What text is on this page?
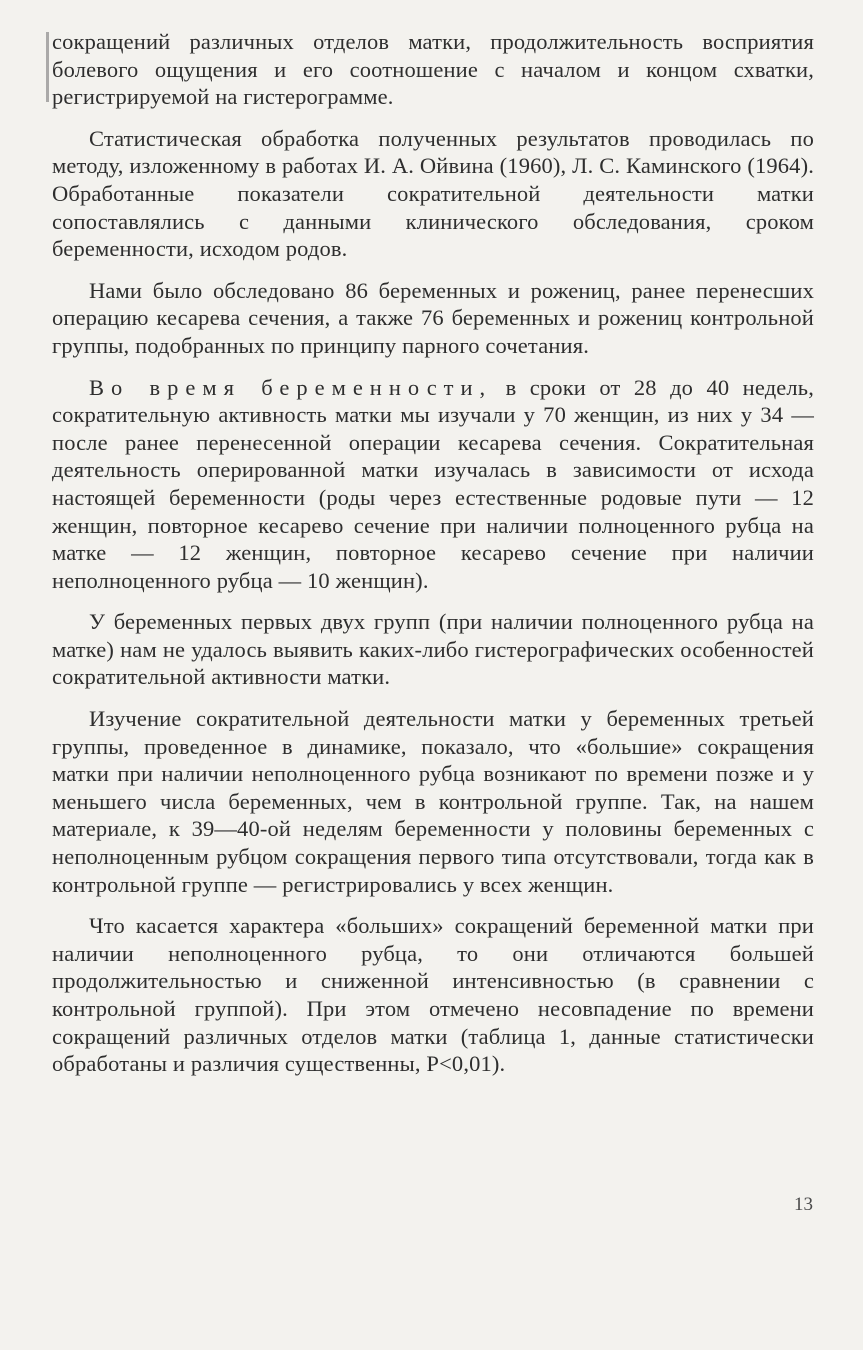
сокращений различных отделов матки, продолжительность восприятия болевого ощущения и его соотношение с началом и концом схватки, регистрируемой на гистерограмме.

Статистическая обработка полученных результатов проводилась по методу, изложенному в работах И. А. Ойвина (1960), Л. С. Каминского (1964). Обработанные показатели сократительной деятельности матки сопоставлялись с данными клинического обследования, сроком беременности, исходом родов.

Нами было обследовано 86 беременных и рожениц, ранее перенесших операцию кесарева сечения, а также 76 беременных и рожениц контрольной группы, подобранных по принципу парного сочетания.

Во время беременности, в сроки от 28 до 40 недель, сократительную активность матки мы изучали у 70 женщин, из них у 34 — после ранее перенесенной операции кесарева сечения. Сократительная деятельность оперированной матки изучалась в зависимости от исхода настоящей беременности (роды через естественные родовые пути — 12 женщин, повторное кесарево сечение при наличии полноценного рубца на матке — 12 женщин, повторное кесарево сечение при наличии неполноценного рубца — 10 женщин).

У беременных первых двух групп (при наличии полноценного рубца на матке) нам не удалось выявить каких-либо гистерографических особенностей сократительной активности матки.

Изучение сократительной деятельности матки у беременных третьей группы, проведенное в динамике, показало, что «большие» сокращения матки при наличии неполноценного рубца возникают по времени позже и у меньшего числа беременных, чем в контрольной группе. Так, на нашем материале, к 39—40-ой неделям беременности у половины беременных с неполноценным рубцом сокращения первого типа отсутствовали, тогда как в контрольной группе — регистрировались у всех женщин.

Что касается характера «больших» сокращений беременной матки при наличии неполноценного рубца, то они отличаются большей продолжительностью и сниженной интенсивностью (в сравнении с контрольной группой). При этом отмечено несовпадение по времени сокращений различных отделов матки (таблица 1, данные статистически обработаны и различия существенны, P<0,01).

13
